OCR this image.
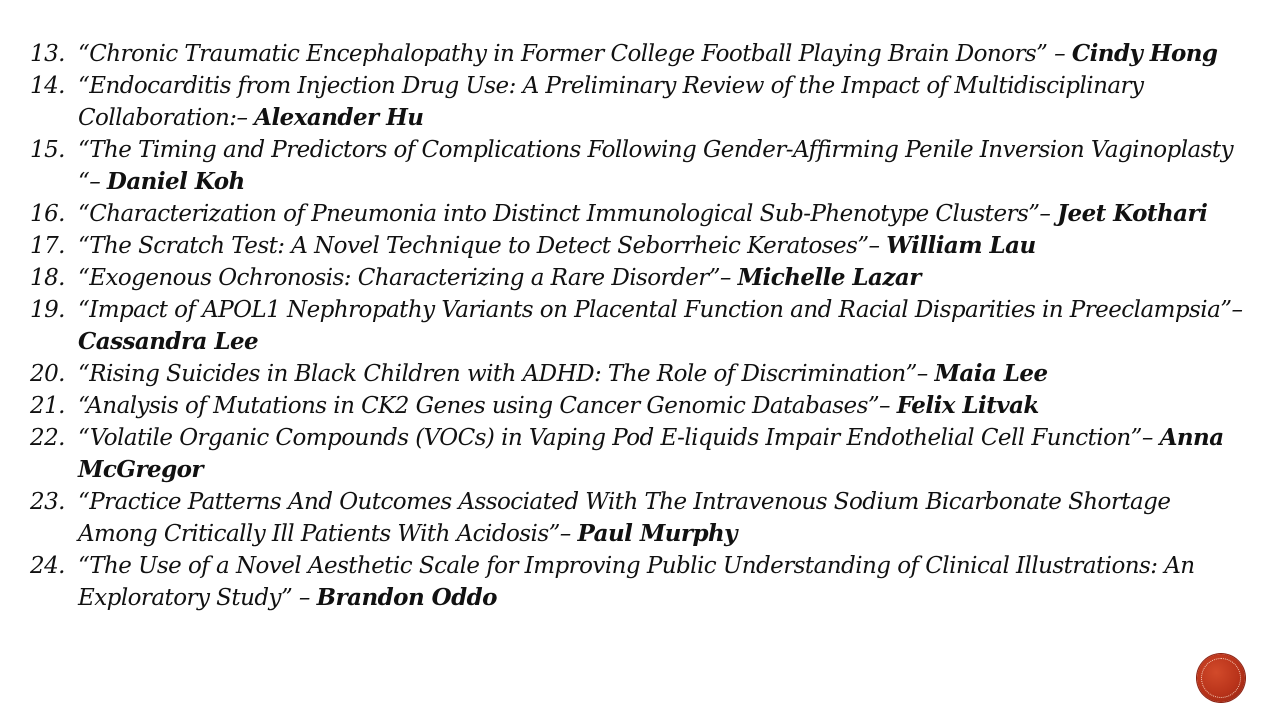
13. “Chronic Traumatic Encephalopathy in Former College Football Playing Brain Donors” – Cindy Hong
14. “Endocarditis from Injection Drug Use: A Preliminary Review of the Impact of Multidisciplinary Collaboration:– Alexander Hu
15. “The Timing and Predictors of Complications Following Gender-Affirming Penile Inversion Vaginoplasty “– Daniel Koh
16. “Characterization of Pneumonia into Distinct Immunological Sub-Phenotype Clusters”– Jeet Kothari
17. “The Scratch Test: A Novel Technique to Detect Seborrheic Keratoses”– William Lau
18. “Exogenous Ochronosis: Characterizing a Rare Disorder”– Michelle Lazar
19. “Impact of APOL1 Nephropathy Variants on Placental Function and Racial Disparities in Preeclampsia”– Cassandra Lee
20. “Rising Suicides in Black Children with ADHD: The Role of Discrimination”– Maia Lee
21. “Analysis of Mutations in CK2 Genes using Cancer Genomic Databases”– Felix Litvak
22. “Volatile Organic Compounds (VOCs) in Vaping Pod E-liquids Impair Endothelial Cell Function”– Anna McGregor
23. “Practice Patterns And Outcomes Associated With The Intravenous Sodium Bicarbonate Shortage Among Critically Ill Patients With Acidosis”– Paul Murphy
24. “The Use of a Novel Aesthetic Scale for Improving Public Understanding of Clinical Illustrations: An Exploratory Study” – Brandon Oddo
